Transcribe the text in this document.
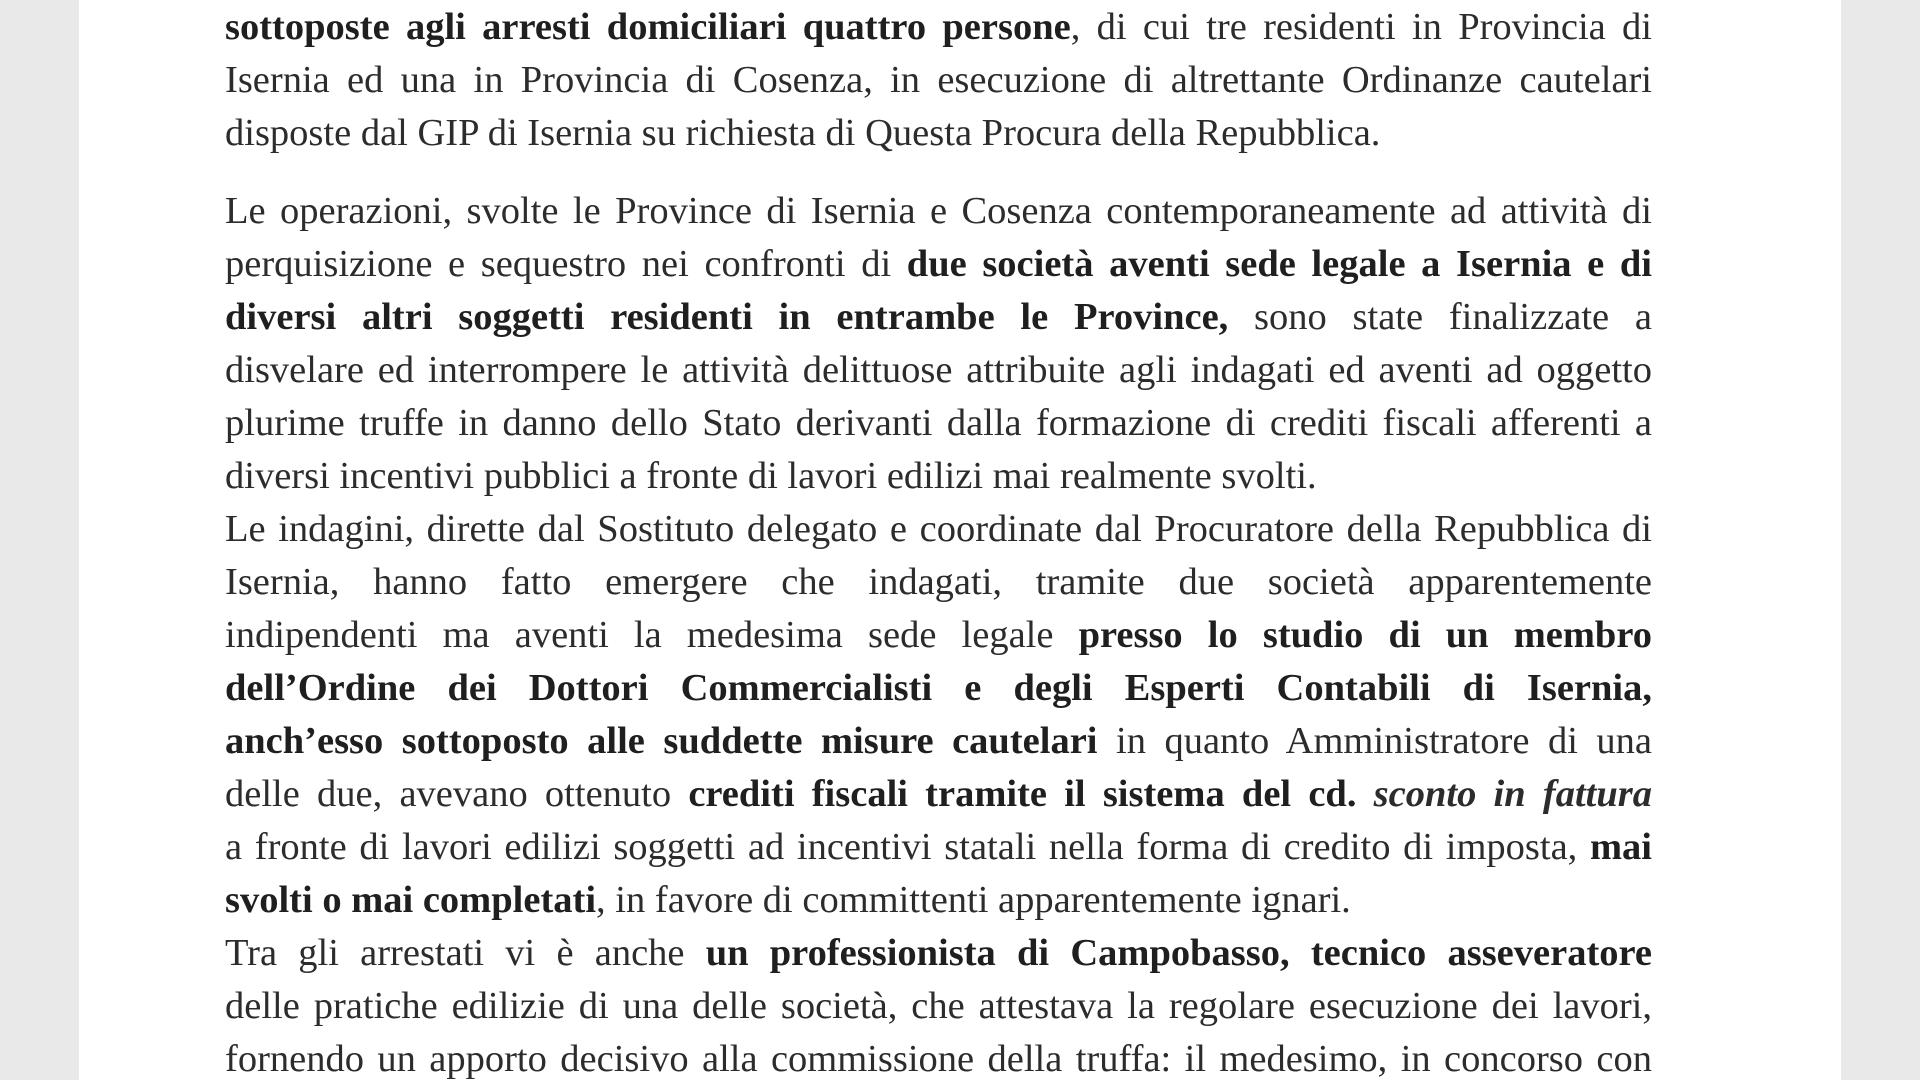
sottoposte agli arresti domiciliari quattro persone, di cui tre residenti in Provincia di
Isernia ed una in Provincia di Cosenza, in esecuzione di altrettante Ordinanze cautelari
disposte dal GIP di Isernia su richiesta di Questa Procura della Repubblica.
Le operazioni, svolte le Province di Isernia e Cosenza contemporaneamente ad attività di
perquisizione e sequestro nei confronti di due società aventi sede legale a Isernia e di
diversi altri soggetti residenti in entrambe le Province, sono state finalizzate a
disvelare ed interrompere le attività delittuose attribuite agli indagati ed aventi ad oggetto
plurime truffe in danno dello Stato derivanti dalla formazione di crediti fiscali afferenti a
diversi incentivi pubblici a fronte di lavori edilizi mai realmente svolti.
Le indagini, dirette dal Sostituto delegato e coordinate dal Procuratore della Repubblica di
Isernia, hanno fatto emergere che indagati, tramite due società apparentemente
indipendenti ma aventi la medesima sede legale presso lo studio di un membro
dell’Ordine dei Dottori Commercialisti e degli Esperti Contabili di Isernia,
anch’esso sottoposto alle suddette misure cautelari in quanto Amministratore di una
delle due, avevano ottenuto crediti fiscali tramite il sistema del cd. sconto in fattura
a fronte di lavori edilizi soggetti ad incentivi statali nella forma di credito di imposta, mai
svolti o mai completati, in favore di committenti apparentemente ignari.
Tra gli arrestati vi è anche un professionista di Campobasso, tecnico asseveratore
delle pratiche edilizie di una delle società, che attestava la regolare esecuzione dei lavori,
fornendo un apporto decisivo alla commissione della truffa: il medesimo, in concorso con
